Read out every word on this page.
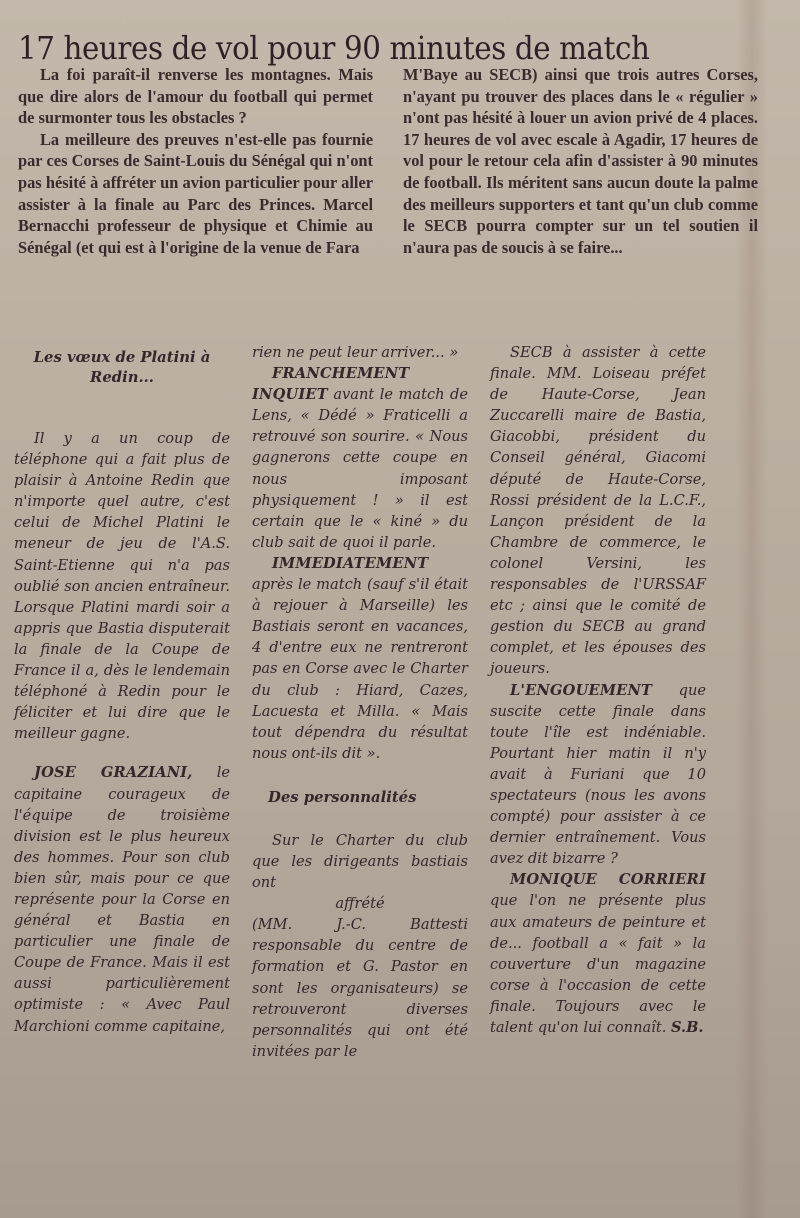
17 heures de vol pour 90 minutes de match

La foi paraît-il renverse les montagnes. Mais que dire alors de l'amour du football qui permet de surmonter tous les obstacles ?

La meilleure des preuves n'est-elle pas fournie par ces Corses de Saint-Louis du Sénégal qui n'ont pas hésité à affréter un avion particulier pour aller assister à la finale au Parc des Princes. Marcel Bernacchi professeur de physique et Chimie au Sénégal (et qui est à l'origine de la venue de Fara

M'Baye au SECB) ainsi que trois autres Corses, n'ayant pu trouver des places dans le « régulier » n'ont pas hésité à louer un avion privé de 4 places. 17 heures de vol avec escale à Agadir, 17 heures de vol pour le retour cela afin d'assister à 90 minutes de football. Ils méritent sans aucun doute la palme des meilleurs supporters et tant qu'un club comme le SECB pourra compter sur un tel soutien il n'aura pas de soucis à se faire...

Les vœux de Platini à Redin...

Il y a un coup de téléphone qui a fait plus de plaisir à Antoine Redin que n'importe quel autre, c'est celui de Michel Platini le meneur de jeu de l'A.S. Saint-Etienne qui n'a pas oublié son ancien entraîneur. Lorsque Platini mardi soir a appris que Bastia disputerait la finale de la Coupe de France il a, dès le lendemain téléphoné à Redin pour le féliciter et lui dire que le meilleur gagne.

JOSE GRAZIANI, le capitaine courageux de l'équipe de troisième division est le plus heureux des hommes. Pour son club bien sûr, mais pour ce que représente pour la Corse en général et Bastia en particulier une finale de Coupe de France. Mais il est aussi particulièrement optimiste : « Avec Paul Marchioni comme capitaine,

rien ne peut leur arriver... »

FRANCHEMENT INQUIET avant le match de Lens, « Dédé » Fraticelli a retrouvé son sourire. « Nous gagnerons cette coupe en nous imposant physiquement ! » il est certain que le « kiné » du club sait de quoi il parle.

IMMEDIATEMENT après le match (sauf s'il était à rejouer à Marseille) les Bastiais seront en vacances, 4 d'entre eux ne rentreront pas en Corse avec le Charter du club : Hiard, Cazes, Lacuesta et Milla. « Mais tout dépendra du résultat nous ont-ils dit ».

Des personnalités

Sur le Charter du club que les dirigeants bastiais ont

affrété

(MM. J.-C. Battesti responsable du centre de formation et G. Pastor en sont les organisateurs) se retrouveront diverses personnalités qui ont été invitées par le

SECB à assister à cette finale. MM. Loiseau préfet de Haute-Corse, Jean Zuccarelli maire de Bastia, Giacobbi, président du Conseil général, Giacomi député de Haute-Corse, Rossi président de la L.C.F., Lançon président de la Chambre de commerce, le colonel Versini, les responsables de l'URSSAF etc ; ainsi que le comité de gestion du SECB au grand complet, et les épouses des joueurs.

L'ENGOUEMENT que suscite cette finale dans toute l'île est indéniable. Pourtant hier matin il n'y avait à Furiani que 10 spectateurs (nous les avons compté) pour assister à ce dernier entraînement. Vous avez dit bizarre ?

MONIQUE CORRIERI que l'on ne présente plus aux amateurs de peinture et de... football a « fait » la couverture d'un magazine corse à l'occasion de cette finale. Toujours avec le talent qu'on lui connaît. S.B.
